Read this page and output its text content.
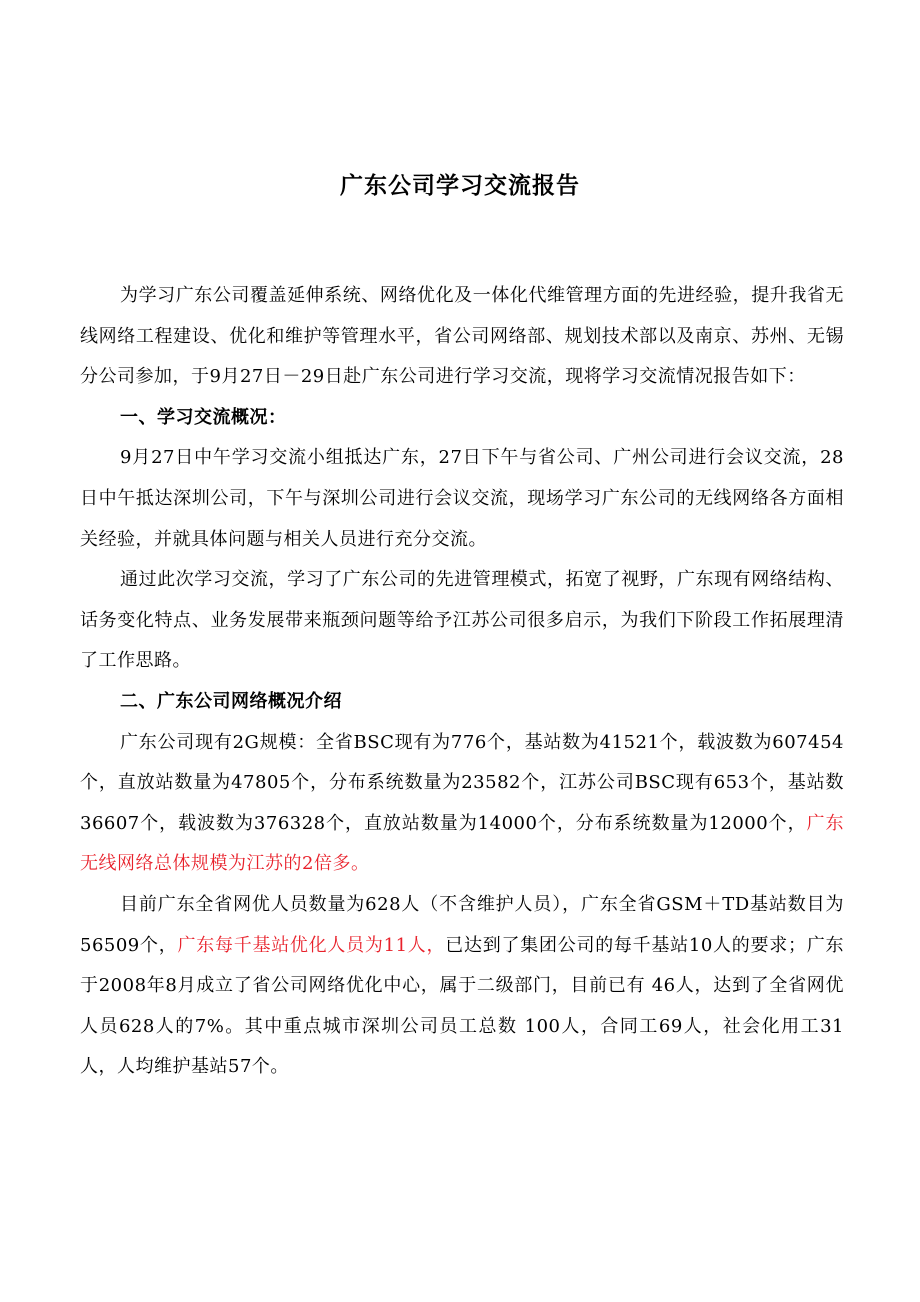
广东公司学习交流报告

为学习广东公司覆盖延伸系统、网络优化及一体化代维管理方面的先进经验，提升我省无线网络工程建设、优化和维护等管理水平，省公司网络部、规划技术部以及南京、苏州、无锡分公司参加，于9月27日－29日赴广东公司进行学习交流，现将学习交流情况报告如下：

一、学习交流概况：

9月27日中午学习交流小组抵达广东，27日下午与省公司、广州公司进行会议交流，28日中午抵达深圳公司，下午与深圳公司进行会议交流，现场学习广东公司的无线网络各方面相关经验，并就具体问题与相关人员进行充分交流。

通过此次学习交流，学习了广东公司的先进管理模式，拓宽了视野，广东现有网络结构、话务变化特点、业务发展带来瓶颈问题等给予江苏公司很多启示，为我们下阶段工作拓展理清了工作思路。

二、广东公司网络概况介绍

广东公司现有2G规模：全省BSC现有为776个，基站数为41521个，载波数为607454个，直放站数量为47805个，分布系统数量为23582个，江苏公司BSC现有653个，基站数36607个，载波数为376328个，直放站数量为14000个，分布系统数量为12000个，广东无线网络总体规模为江苏的2倍多。

目前广东全省网优人员数量为628人（不含维护人员），广东全省GSM＋TD基站数目为56509个，广东每千基站优化人员为11人，已达到了集团公司的每千基站10人的要求；广东于2008年8月成立了省公司网络优化中心，属于二级部门，目前已有 46人，达到了全省网优人员628人的7%。其中重点城市深圳公司员工总数 100人，合同工69人，社会化用工31人，人均维护基站57个。
